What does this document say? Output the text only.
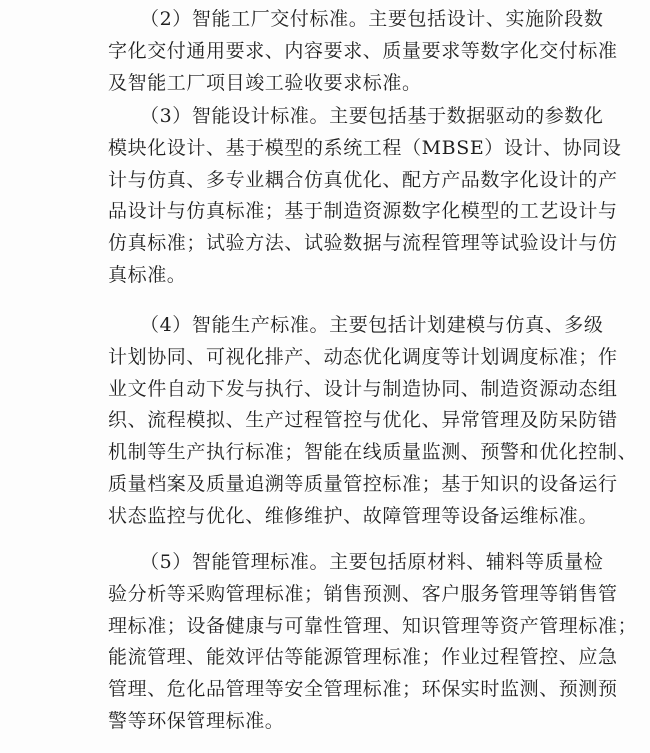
（2）智能工厂交付标准。主要包括设计、实施阶段数
字化交付通用要求、内容要求、质量要求等数字化交付标准
及智能工厂项目竣工验收要求标准。
（3）智能设计标准。主要包括基于数据驱动的参数化
模块化设计、基于模型的系统工程（MBSE）设计、协同设
计与仿真、多专业耦合仿真优化、配方产品数字化设计的产
品设计与仿真标准；基于制造资源数字化模型的工艺设计与
仿真标准；试验方法、试验数据与流程管理等试验设计与仿
真标准。
（4）智能生产标准。主要包括计划建模与仿真、多级
计划协同、可视化排产、动态优化调度等计划调度标准；作
业文件自动下发与执行、设计与制造协同、制造资源动态组
织、流程模拟、生产过程管控与优化、异常管理及防呆防错
机制等生产执行标准；智能在线质量监测、预警和优化控制、
质量档案及质量追溯等质量管控标准；基于知识的设备运行
状态监控与优化、维修维护、故障管理等设备运维标准。
（5）智能管理标准。主要包括原材料、辅料等质量检
验分析等采购管理标准；销售预测、客户服务管理等销售管
理标准；设备健康与可靠性管理、知识管理等资产管理标准；
能流管理、能效评估等能源管理标准；作业过程管控、应急
管理、危化品管理等安全管理标准；环保实时监测、预测预
警等环保管理标准。
